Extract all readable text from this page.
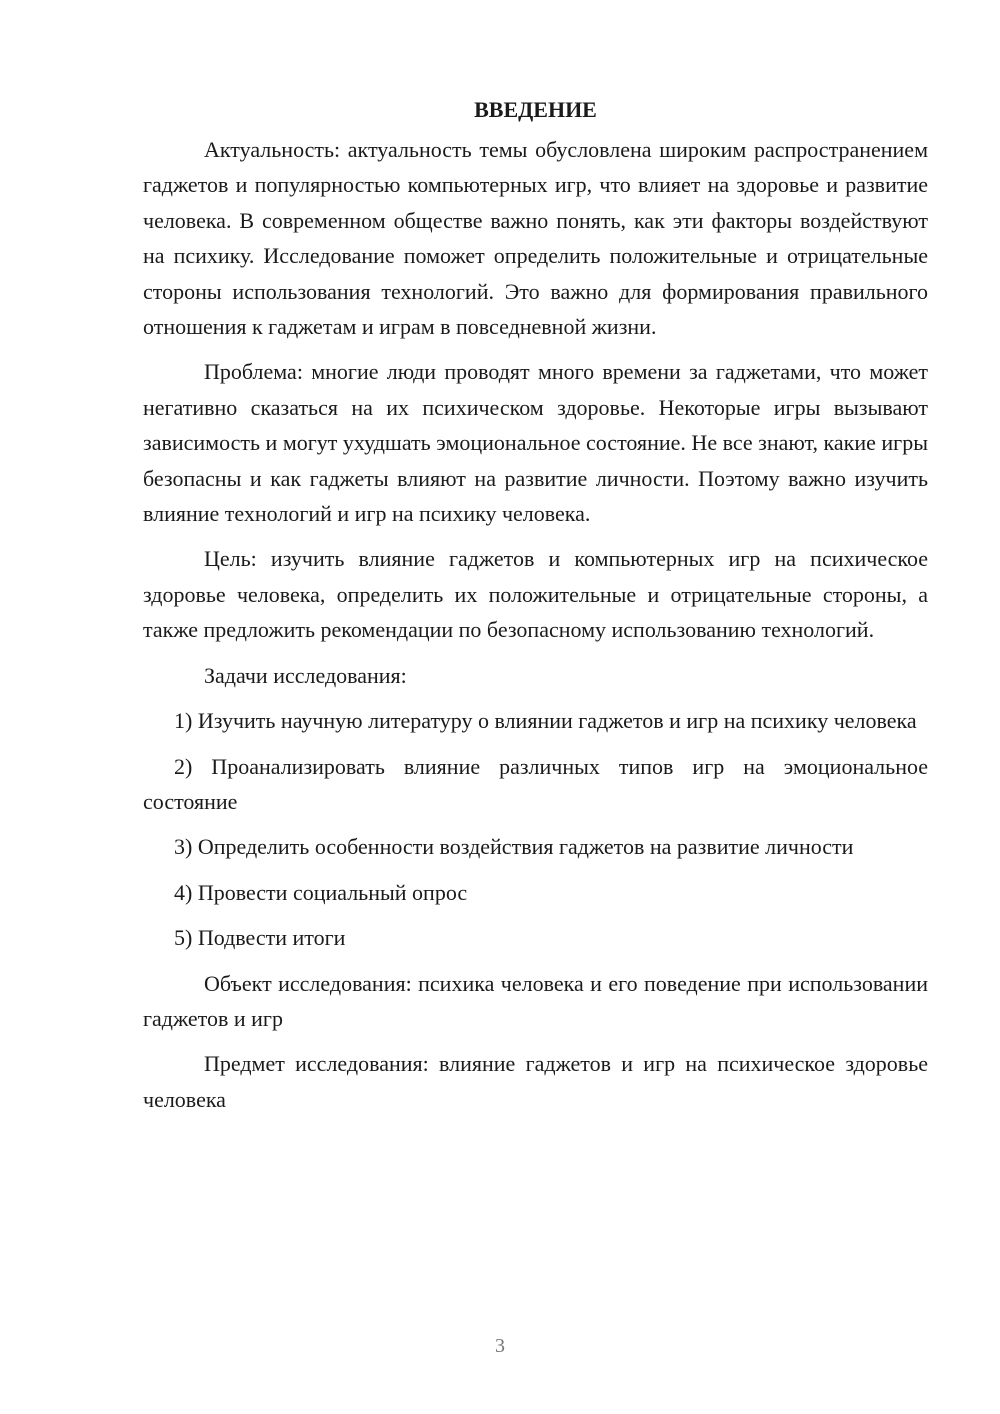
ВВЕДЕНИЕ

Актуальность: актуальность темы обусловлена широким распространением гаджетов и популярностью компьютерных игр, что влияет на здоровье и развитие человека. В современном обществе важно понять, как эти факторы воздействуют на психику. Исследование поможет определить положительные и отрицательные стороны использования технологий. Это важно для формирования правильного отношения к гаджетам и играм в повседневной жизни.

Проблема: многие люди проводят много времени за гаджетами, что может негативно сказаться на их психическом здоровье. Некоторые игры вызывают зависимость и могут ухудшать эмоциональное состояние. Не все знают, какие игры безопасны и как гаджеты влияют на развитие личности. Поэтому важно изучить влияние технологий и игр на психику человека.

Цель: изучить влияние гаджетов и компьютерных игр на психическое здоровье человека, определить их положительные и отрицательные стороны, а также предложить рекомендации по безопасному использованию технологий.

Задачи исследования:

1) Изучить научную литературу о влиянии гаджетов и игр на психику человека

2) Проанализировать влияние различных типов игр на эмоциональное состояние

3) Определить особенности воздействия гаджетов на развитие личности

4) Провести социальный опрос

5) Подвести итоги

Объект исследования: психика человека и его поведение при использовании гаджетов и игр

Предмет исследования: влияние гаджетов и игр на психическое здоровье человека

3
